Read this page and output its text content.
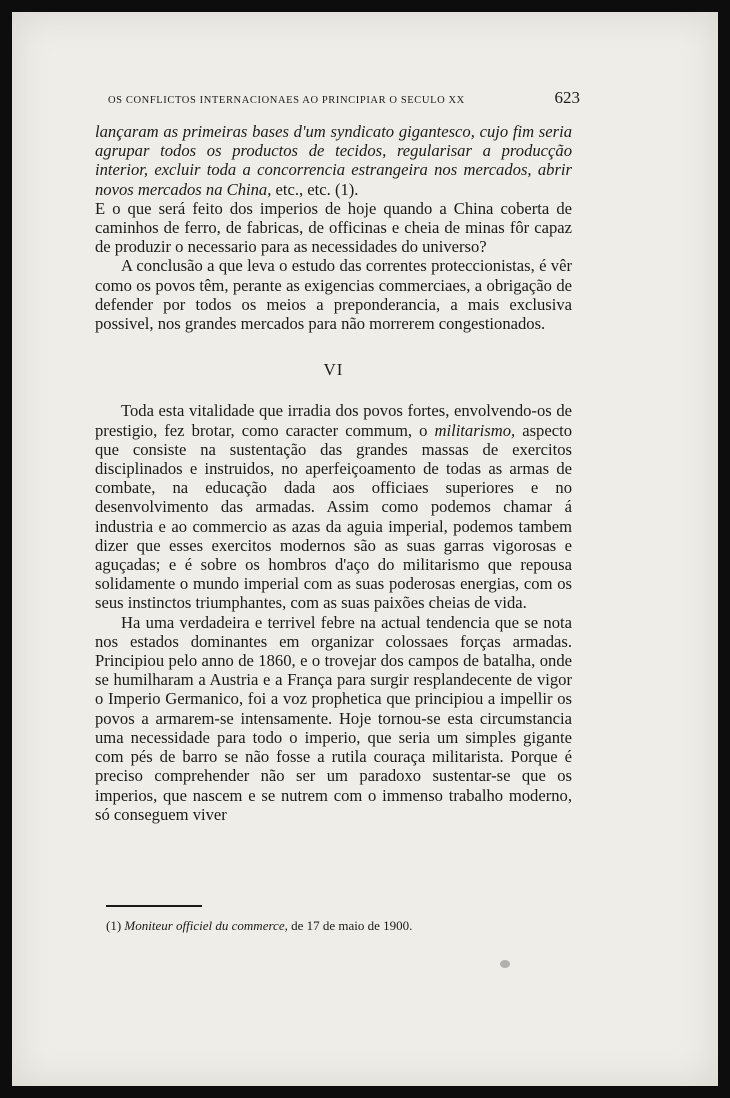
OS CONFLICTOS INTERNACIONAES AO PRINCIPIAR O SECULO XX	623

lançaram as primeiras bases d'um syndicato gigantesco, cujo fim seria agrupar todos os productos de tecidos, regularisar a producção interior, excluir toda a concorrencia estrangeira nos mercados, abrir novos mercados na China, etc., etc. (1).

E o que será feito dos imperios de hoje quando a China coberta de caminhos de ferro, de fabricas, de officinas e cheia de minas fôr capaz de produzir o necessario para as necessidades do universo?

A conclusão a que leva o estudo das correntes proteccionistas, é vêr como os povos têm, perante as exigencias commerciaes, a obrigação de defender por todos os meios a preponderancia, a mais exclusiva possivel, nos grandes mercados para não morrerem congestionados.

VI

Toda esta vitalidade que irradia dos povos fortes, envolvendo-os de prestigio, fez brotar, como caracter commum, o militarismo, aspecto que consiste na sustentação das grandes massas de exercitos disciplinados e instruidos, no aperfeiçoamento de todas as armas de combate, na educação dada aos officiaes superiores e no desenvolvimento das armadas. Assim como podemos chamar á industria e ao commercio as azas da aguia imperial, podemos tambem dizer que esses exercitos modernos são as suas garras vigorosas e aguçadas; e é sobre os hombros d'aço do militarismo que repousa solidamente o mundo imperial com as suas poderosas energias, com os seus instinctos triumphantes, com as suas paixões cheias de vida.

Ha uma verdadeira e terrivel febre na actual tendencia que se nota nos estados dominantes em organizar colossaes forças armadas. Principiou pelo anno de 1860, e o trovejar dos campos de batalha, onde se humilharam a Austria e a França para surgir resplandecente de vigor o Imperio Germanico, foi a voz prophetica que principiou a impellir os povos a armarem-se intensamente. Hoje tornou-se esta circumstancia uma necessidade para todo o imperio, que seria um simples gigante com pés de barro se não fosse a rutila couraça militarista. Porque é preciso comprehender não ser um paradoxo sustentar-se que os imperios, que nascem e se nutrem com o immenso trabalho moderno, só conseguem viver

(1) Moniteur officiel du commerce, de 17 de maio de 1900.
